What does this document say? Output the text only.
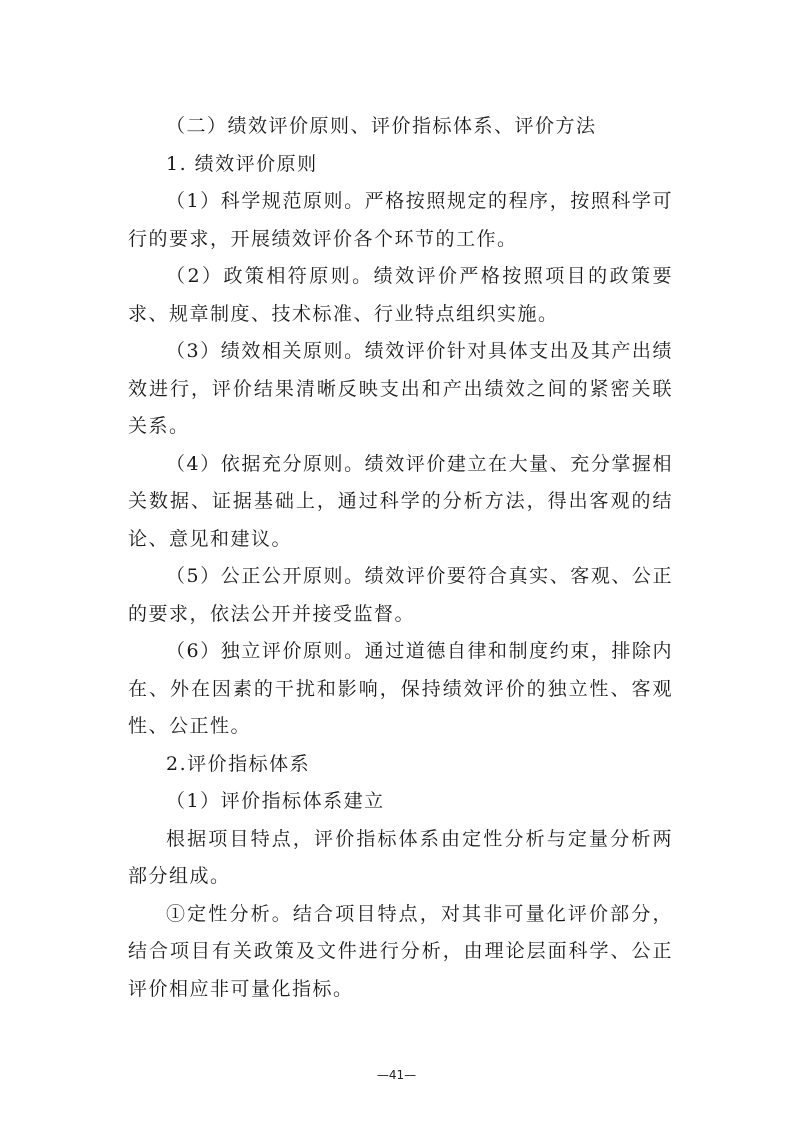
（二）绩效评价原则、评价指标体系、评价方法

1. 绩效评价原则

（1）科学规范原则。严格按照规定的程序，按照科学可行的要求，开展绩效评价各个环节的工作。

（2）政策相符原则。绩效评价严格按照项目的政策要求、规章制度、技术标准、行业特点组织实施。

（3）绩效相关原则。绩效评价针对具体支出及其产出绩效进行，评价结果清晰反映支出和产出绩效之间的紧密关联关系。

（4）依据充分原则。绩效评价建立在大量、充分掌握相关数据、证据基础上，通过科学的分析方法，得出客观的结论、意见和建议。

（5）公正公开原则。绩效评价要符合真实、客观、公正的要求，依法公开并接受监督。

（6）独立评价原则。通过道德自律和制度约束，排除内在、外在因素的干扰和影响，保持绩效评价的独立性、客观性、公正性。

2.评价指标体系

（1）评价指标体系建立

根据项目特点，评价指标体系由定性分析与定量分析两部分组成。

①定性分析。结合项目特点，对其非可量化评价部分，结合项目有关政策及文件进行分析，由理论层面科学、公正评价相应非可量化指标。

—41—
